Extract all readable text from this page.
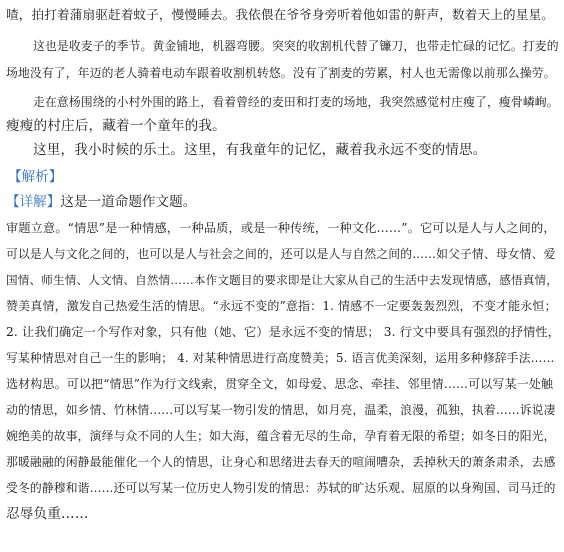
喳，拍打着蒲扇驱赶着蚊子，慢慢睡去。我依偎在爷爷身旁听着他如雷的鼾声，数着天上的星星。
这也是收麦子的季节。黄金铺地，机器弯腰。突突的收割机代替了镰刀，也带走忙碌的记忆。打麦的
场地没有了，年迈的老人骑着电动车跟着收割机转悠。没有了割麦的劳累，村人也无需像以前那么操劳。
走在意杨围绕的小村外围的路上，看着曾经的麦田和打麦的场地，我突然感觉村庄瘦了，瘦骨嶙峋。
瘦瘦的村庄后，藏着一个童年的我。
这里，我小时候的乐土。这里，有我童年的记忆，藏着我永远不变的情思。
【解析】
【详解】这是一道命题作文题。
审题立意。“情思”是一种情感，一种品质，或是一种传统，一种文化……”。它可以是人与人之间的，
可以是人与文化之间的，也可以是人与社会之间的，还可以是人与自然之间的……如父子情、母女情、爱
国情、师生情、人文情、自然情……本作文题目的要求即是让大家从自己的生活中去发现情感，感悟真情，
赞美真情，激发自己热爱生活的情思。“永远不变的”意指：1. 情感不一定要轰轰烈烈，不变才能永恒；
2. 让我们确定一个写作对象，只有他（她、它）是永远不变的情思； 3. 行文中要具有强烈的抒情性，
写某种情思对自己一生的影响； 4. 对某种情思进行高度赞美；5. 语言优美深刻，运用多种修辞手法……
选材构思。可以把“情思”作为行文线索，贯穿全文，如母爱、思念、牵挂、邻里情……可以写某一处触
动的情思，如乡情、竹林情……可以写某一物引发的情思，如月亮，温柔，浪漫，孤独，执着……诉说凄
婉绝美的故事，演绎与众不同的人生；如大海，蕴含着无尽的生命，孕育着无限的希望；如冬日的阳光，
那暖融融的闲静最能催化一个人的情思，让身心和思绪进去春天的喧闹嘈杂，丢掉秋天的萧条肃杀，去感
受冬的静穆和谐……还可以写某一位历史人物引发的情思：苏轼的旷达乐观、屈原的以身殉国、司马迁的
忍辱负重……
